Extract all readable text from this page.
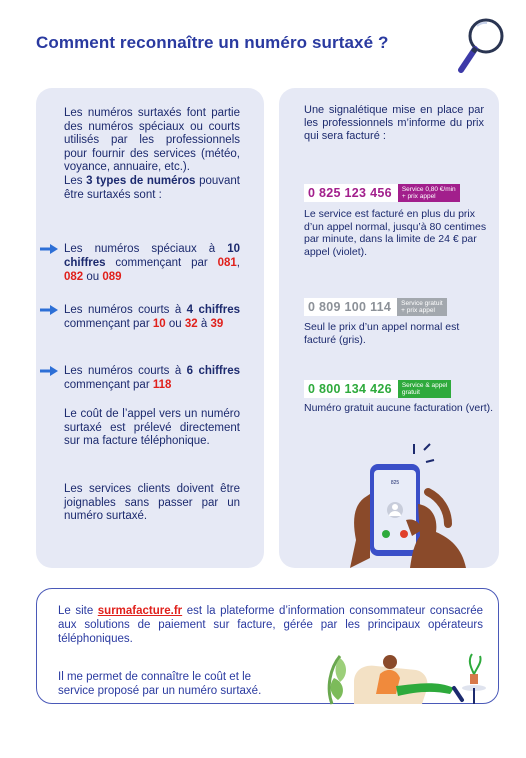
Comment reconnaître un numéro surtaxé ?
Les numéros surtaxés font partie des numéros spéciaux ou courts utilisés par les professionnels pour fournir des services (météo, voyance, annuaire, etc.).
Les 3 types de numéros pouvant être surtaxés sont :
Les numéros spéciaux à 10 chiffres commençant par 081, 082 ou 089
Les numéros courts à 4 chiffres commençant par 10 ou 32 à 39
Les numéros courts à 6 chiffres commençant par 118
Le coût de l’appel vers un numéro surtaxé est prélevé directement sur ma facture téléphonique.
Les services clients doivent être joignables sans passer par un numéro surtaxé.
Une signalétique mise en place par les professionnels m’informe du prix qui sera facturé :
0 825 123 456	Service 0,80 €/min
+ prix appel
Le service est facturé en plus du prix d’un appel normal, jusqu’à 80 centimes par minute, dans la limite de 24 € par appel (violet).
0 809 100 114	Service gratuit
+ prix appel
Seul le prix d’un appel normal est facturé (gris).
0 800 134 426	Service & appel
gratuit
Numéro gratuit aucune facturation (vert).
825
Le site surmafacture.fr est la plateforme d’information consommateur consacrée aux solutions de paiement sur facture, gérée par les principaux opérateurs téléphoniques.
Il me permet de connaître le coût et le service proposé par un numéro surtaxé.
